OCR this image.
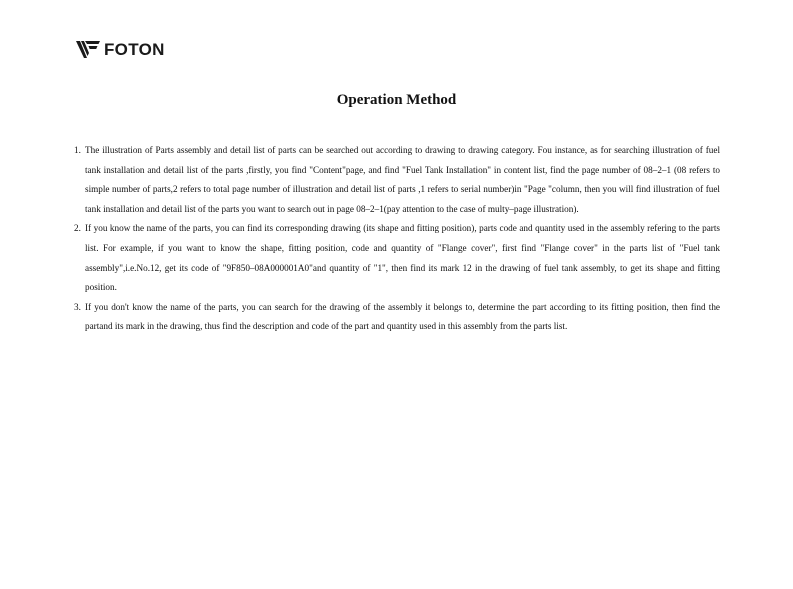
FOTON
Operation Method
1. The illustration of Parts assembly and detail list of parts can be searched out according to drawing to drawing category. Fou instance, as for searching illustration of fuel tank installation and detail list of the parts ,firstly, you find "Content"page, and find "Fuel Tank Installation" in content list, find the page number of 08–2–1 (08 refers to simple number of parts,2 refers to total page number of illustration and detail list of parts ,1 refers to serial number)in "Page "column, then you will find illustration of fuel tank installation and detail list of the parts you want to search out in page 08–2–1(pay attention to the case of multy–page illustration).
2. If you know the name of the parts, you can find its corresponding drawing (its shape and fitting position), parts code and quantity used in the assembly refering to the parts list. For example, if you want to know the shape, fitting position, code and quantity of "Flange cover", first find "Flange cover" in the parts list of "Fuel tank assembly",i.e.No.12, get its code of "9F850–08A000001A0"and quantity of "1", then find its mark 12 in the drawing of fuel tank assembly, to get its shape and fitting position.
3. If you don't know the name of the parts, you can search for the drawing of the assembly it belongs to, determine the part according to its fitting position, then find the partand its mark in the drawing, thus find the description and code of the part and quantity used in this assembly from the parts list.
